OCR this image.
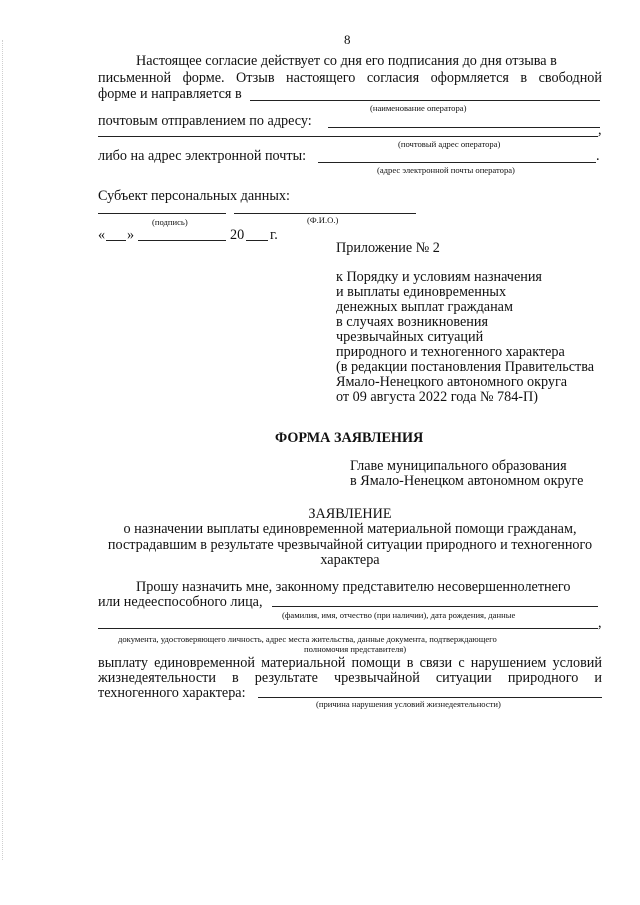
8
Настоящее согласие действует со дня его подписания до дня отзыва в
письменной форме. Отзыв настоящего согласия оформляется в свободной
форме и направляется в
(наименование оператора)
почтовым отправлением по адресу:
,
(почтовый адрес оператора)
либо на адрес электронной почты:	.
(адрес электронной почты оператора)
Субъект персональных данных:
(подпись)	(Ф.И.О.)
« »	20 г.
Приложение № 2
к Порядку и условиям назначения
и выплаты единовременных
денежных выплат гражданам
в случаях возникновения
чрезвычайных ситуаций
природного и техногенного характера
(в редакции постановления Правительства
Ямало-Ненецкого автономного округа
от 09 августа 2022 года № 784-П)
ФОРМА ЗАЯВЛЕНИЯ
Главе муниципального образования
в Ямало-Ненецком автономном округе
ЗАЯВЛЕНИЕ
о назначении выплаты единовременной материальной помощи гражданам,
пострадавшим в результате чрезвычайной ситуации природного и техногенного
характера
Прошу назначить мне, законному представителю несовершеннолетнего
или недееспособного лица,
(фамилия, имя, отчество (при наличии), дата рождения, данные	,
документа, удостоверяющего личность, адрес места жительства, данные документа, подтверждающего
полномочия представителя)
выплату единовременной материальной помощи в связи с нарушением условий
жизнедеятельности в результате чрезвычайной ситуации природного и
техногенного характера:
(причина нарушения условий жизнедеятельности)
